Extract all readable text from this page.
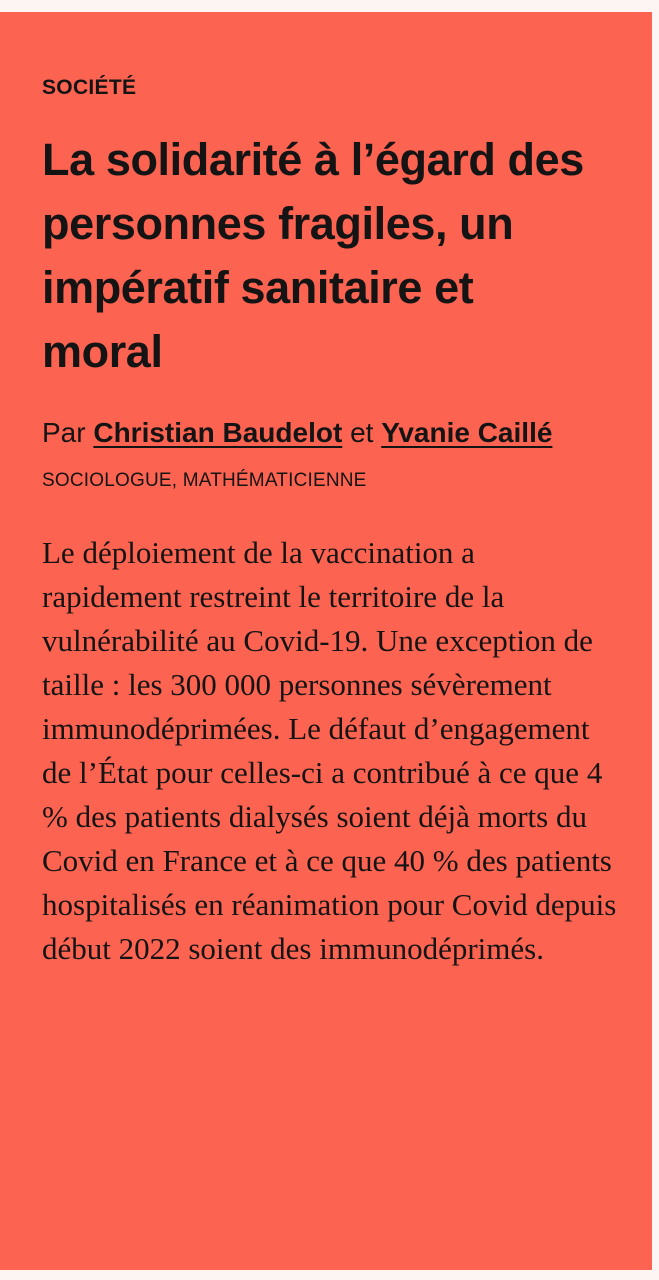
SOCIÉTÉ

La solidarité à l’égard des personnes fragiles, un impératif sanitaire et moral

Par Christian Baudelot et Yvanie Caillé

SOCIOLOGUE, MATHÉMATICIENNE

Le déploiement de la vaccination a rapidement restreint le territoire de la vulnérabilité au Covid-19. Une exception de taille : les 300 000 personnes sévèrement immunodéprimées. Le défaut d’engagement de l’État pour celles-ci a contribué à ce que 4 % des patients dialysés soient déjà morts du Covid en France et à ce que 40 % des patients hospitalisés en réanimation pour Covid depuis début 2022 soient des immunodéprimés.
